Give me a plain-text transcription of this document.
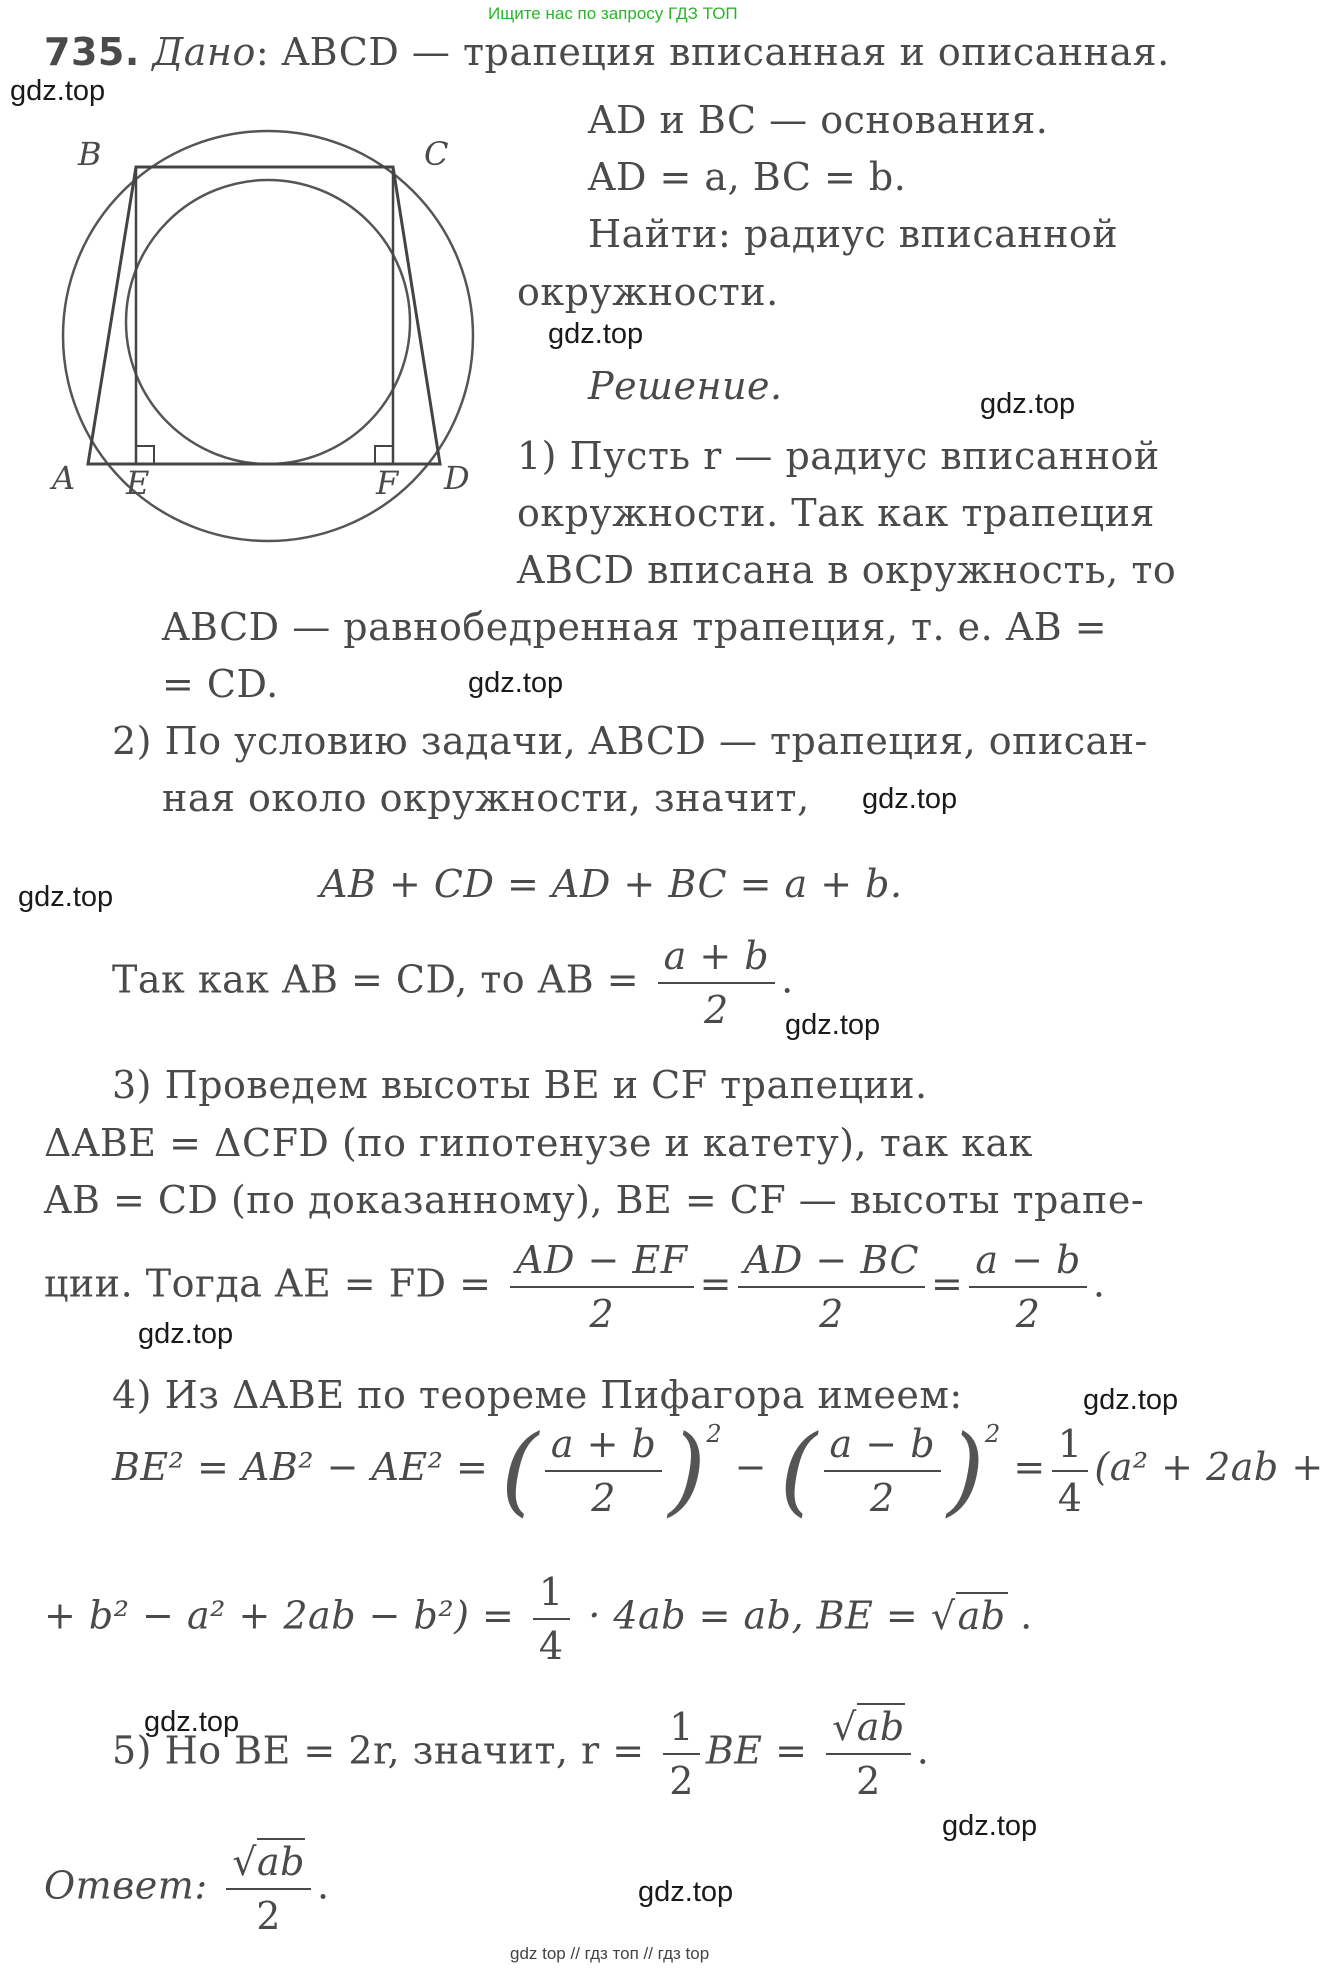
Ищите нас по запросу ГДЗ ТОП
735. Дано: ABCD — трапеция вписанная и описанная.
AD и BC — основания.
AD = a, BC = b.
Найти: радиус вписанной
окружности.
Решение.
B	C
A E	F D 1) Пусть r — радиус вписанной
окружности. Так как трапеция
ABCD вписана в окружность, то
ABCD — равнобедренная трапеция, т. е. AB =
= CD.
2) По условию задачи, ABCD — трапеция, описан-
ная около окружности, значит,
AB + CD = AD + BC = a + b.
Так как AB = CD, то AB = $\frac{a + b}{2}$ .
3) Проведем высоты BE и CF трапеции.
ΔABE = ΔCFD (по гипотенузе и катету), так как
AB = CD (по доказанному), BE = CF — высоты трапе-
ции. Тогда AE = FD = $\frac{AD - EF}{2} = \frac{AD - BC}{2} = \frac{a - b}{2}$ .
4) Из ΔABE по теореме Пифагора имеем:
BE² = AB² − AE² = ( $\frac{a + b}{2} )^2$ − ( $\frac{a - b}{2} )^2 = \frac{1}{4} (a^2 + 2ab$ +
+ $b^2 - a^2 + 2ab - b^2) = \frac{1}{4} \cdot 4ab$ = ab, BE = √ab .
5) Но BE = 2r, значит, $r = \frac{1}{2}$ BE = $\frac{√ab}{2}$ .
Ответ: $\frac{√ab}{2}$ .
gdz.top
gdz.top
gdz.top
gdz.top
gdz.top
gdz.top
gdz.top
gdz.top
gdz.top
gdz.top
gdz.top
gdz.top
gdz top // гдз топ // гдз top
